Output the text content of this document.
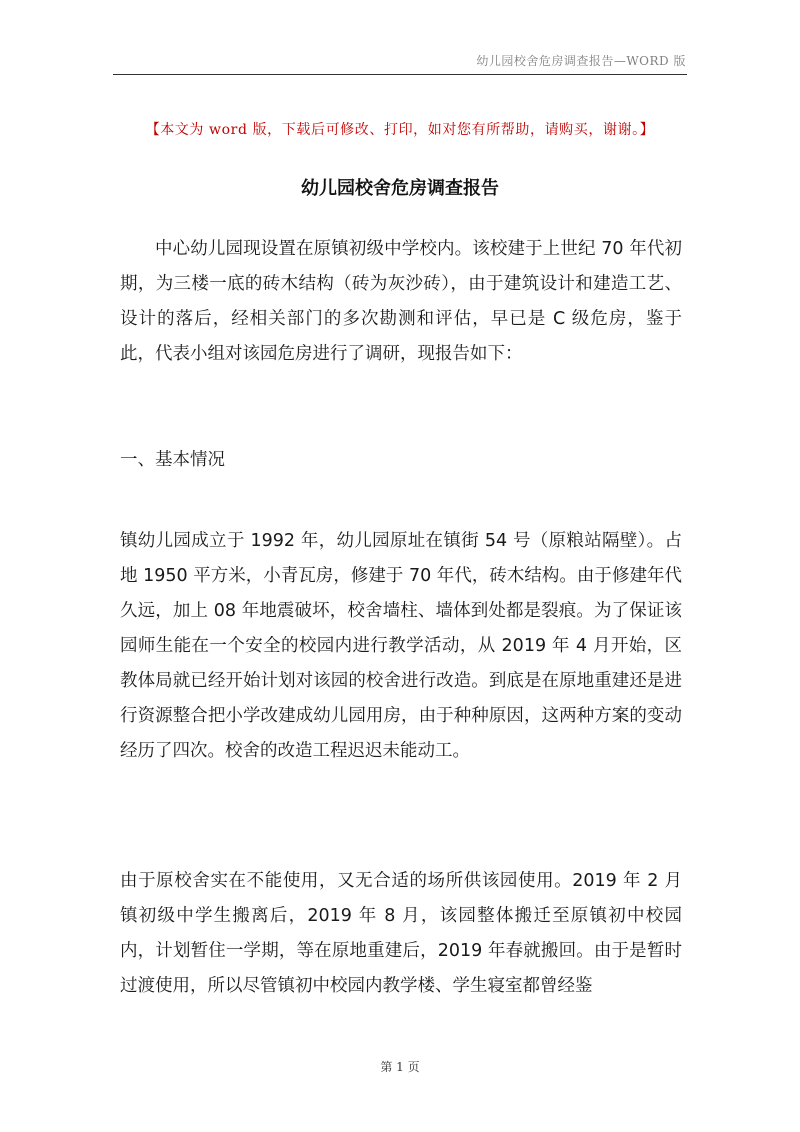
幼儿园校舍危房调查报告—WORD 版
【本文为 word 版，下载后可修改、打印，如对您有所帮助，请购买，谢谢。】
幼儿园校舍危房调查报告

中心幼儿园现设置在原镇初级中学校内。该校建于上世纪 70 年代初期，为三楼一底的砖木结构（砖为灰沙砖），由于建筑设计和建造工艺、设计的落后，经相关部门的多次勘测和评估，早已是 C 级危房，鉴于此，代表小组对该园危房进行了调研，现报告如下：

一、基本情况

镇幼儿园成立于 1992 年，幼儿园原址在镇街 54 号（原粮站隔壁）。占地 1950 平方米，小青瓦房，修建于 70 年代，砖木结构。由于修建年代久远，加上 08 年地震破坏，校舍墙柱、墙体到处都是裂痕。为了保证该园师生能在一个安全的校园内进行教学活动，从 2019 年 4 月开始，区教体局就已经开始计划对该园的校舍进行改造。到底是在原地重建还是进行资源整合把小学改建成幼儿园用房，由于种种原因，这两种方案的变动经历了四次。校舍的改造工程迟迟未能动工。

由于原校舍实在不能使用，又无合适的场所供该园使用。2019 年 2 月镇初级中学生搬离后，2019 年 8 月，该园整体搬迁至原镇初中校园内，计划暂住一学期，等在原地重建后，2019 年春就搬回。由于是暂时过渡使用，所以尽管镇初中校园内教学楼、学生寝室都曾经鉴

第 1 页
